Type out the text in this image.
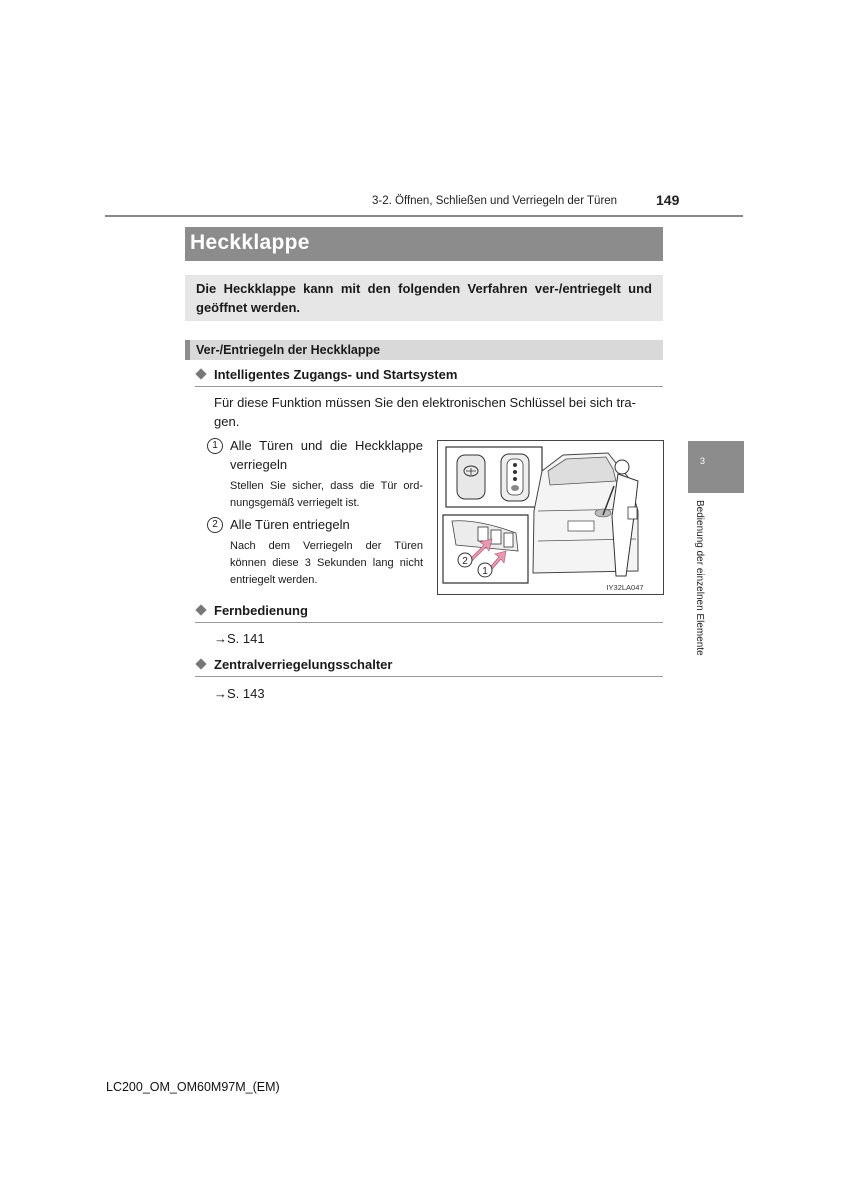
3-2. Öffnen, Schließen und Verriegeln der Türen	149
Heckklappe
Die Heckklappe kann mit den folgenden Verfahren ver-/entriegelt und geöffnet werden.
Ver-/Entriegeln der Heckklappe
Intelligentes Zugangs- und Startsystem
Für diese Funktion müssen Sie den elektronischen Schlüssel bei sich tra-
gen.
1 Alle Türen und die Heckklappe
verriegeln
Stellen Sie sicher, dass die Tür ord-
nungsgemäß verriegelt ist.
2 Alle Türen entriegeln
Nach dem Verriegeln der Türen
können diese 3 Sekunden lang nicht
entriegelt werden.
2
1
IY32LA047
Fernbedienung
→S. 141
Zentralverriegelungsschalter
→S. 143
3
Bedienung der einzelnen Elemente
LC200_OM_OM60M97M_(EM)
